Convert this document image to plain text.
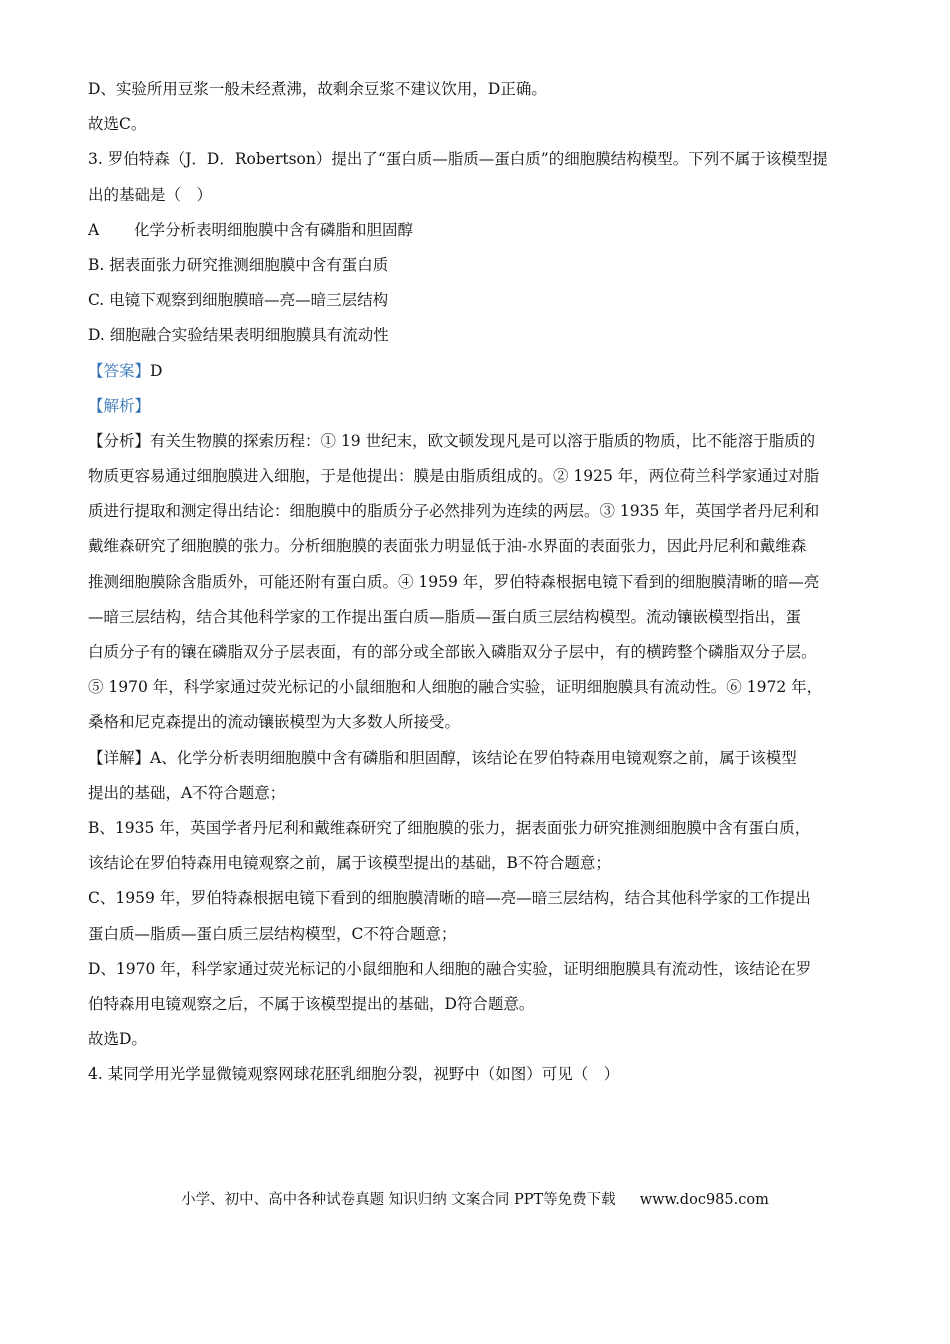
D、实验所用豆浆一般未经煮沸，故剩余豆浆不建议饮用，D正确。
故选C。
3. 罗伯特森（J．D．Robertson）提出了“蛋白质—脂质—蛋白质”的细胞膜结构模型。下列不属于该模型提
出的基础是（　）
A 化学分析表明细胞膜中含有磷脂和胆固醇
B. 据表面张力研究推测细胞膜中含有蛋白质
C. 电镜下观察到细胞膜暗—亮—暗三层结构
D. 细胞融合实验结果表明细胞膜具有流动性
【答案】D
【解析】
【分析】有关生物膜的探索历程：① 19 世纪末，欧文顿发现凡是可以溶于脂质的物质，比不能溶于脂质的
物质更容易通过细胞膜进入细胞，于是他提出：膜是由脂质组成的。② 1925 年，两位荷兰科学家通过对脂
质进行提取和测定得出结论：细胞膜中的脂质分子必然排列为连续的两层。③ 1935 年，英国学者丹尼利和
戴维森研究了细胞膜的张力。分析细胞膜的表面张力明显低于油-水界面的表面张力，因此丹尼利和戴维森
推测细胞膜除含脂质外，可能还附有蛋白质。④ 1959 年，罗伯特森根据电镜下看到的细胞膜清晰的暗—亮
—暗三层结构，结合其他科学家的工作提出蛋白质—脂质—蛋白质三层结构模型。流动镶嵌模型指出，蛋
白质分子有的镶在磷脂双分子层表面，有的部分或全部嵌入磷脂双分子层中，有的横跨整个磷脂双分子层。
⑤ 1970 年，科学家通过荧光标记的小鼠细胞和人细胞的融合实验，证明细胞膜具有流动性。⑥ 1972 年，
桑格和尼克森提出的流动镶嵌模型为大多数人所接受。
【详解】A、化学分析表明细胞膜中含有磷脂和胆固醇，该结论在罗伯特森用电镜观察之前，属于该模型
提出的基础，A不符合题意；
B、1935 年，英国学者丹尼利和戴维森研究了细胞膜的张力，据表面张力研究推测细胞膜中含有蛋白质，
该结论在罗伯特森用电镜观察之前，属于该模型提出的基础，B不符合题意；
C、1959 年，罗伯特森根据电镜下看到的细胞膜清晰的暗—亮—暗三层结构，结合其他科学家的工作提出
蛋白质—脂质—蛋白质三层结构模型，C不符合题意；
D、1970 年，科学家通过荧光标记的小鼠细胞和人细胞的融合实验，证明细胞膜具有流动性，该结论在罗
伯特森用电镜观察之后，不属于该模型提出的基础，D符合题意。
故选D。
4. 某同学用光学显微镜观察网球花胚乳细胞分裂，视野中（如图）可见（　）
小学、初中、高中各种试卷真题 知识归纳 文案合同 PPT等免费下载 www.doc985.com
